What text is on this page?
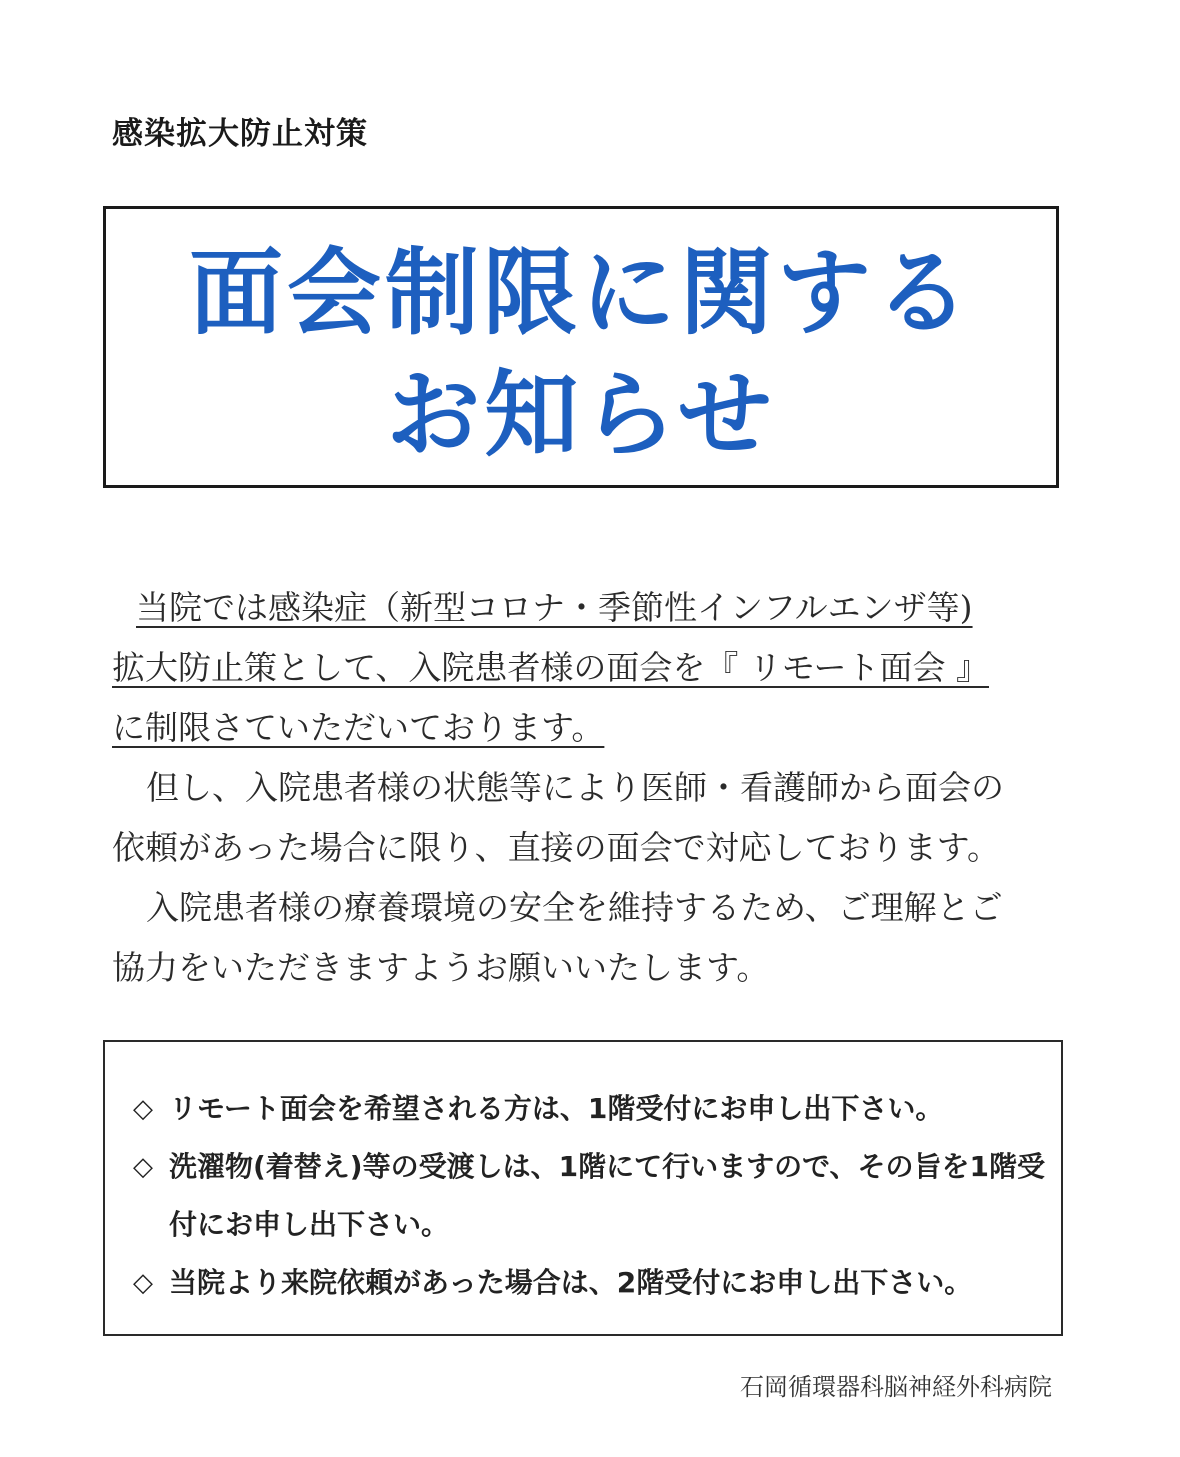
感染拡大防止対策
面会制限に関する
お知らせ
当院では感染症（新型コロナ・季節性インフルエンザ等)
拡大防止策として、入院患者様の面会を『 リモート面会 』
に制限さていただいております。
但し、入院患者様の状態等により医師・看護師から面会の
依頼があった場合に限り、直接の面会で対応しております。
入院患者様の療養環境の安全を維持するため、ご理解とご
協力をいただきますようお願いいたします。
◇ リモート面会を希望される方は、1階受付にお申し出下さい。
◇ 洗濯物(着替え)等の受渡しは、1階にて行いますので、その旨を1階受付にお申し出下さい。
◇ 当院より来院依頼があった場合は、2階受付にお申し出下さい。
石岡循環器科脳神経外科病院
